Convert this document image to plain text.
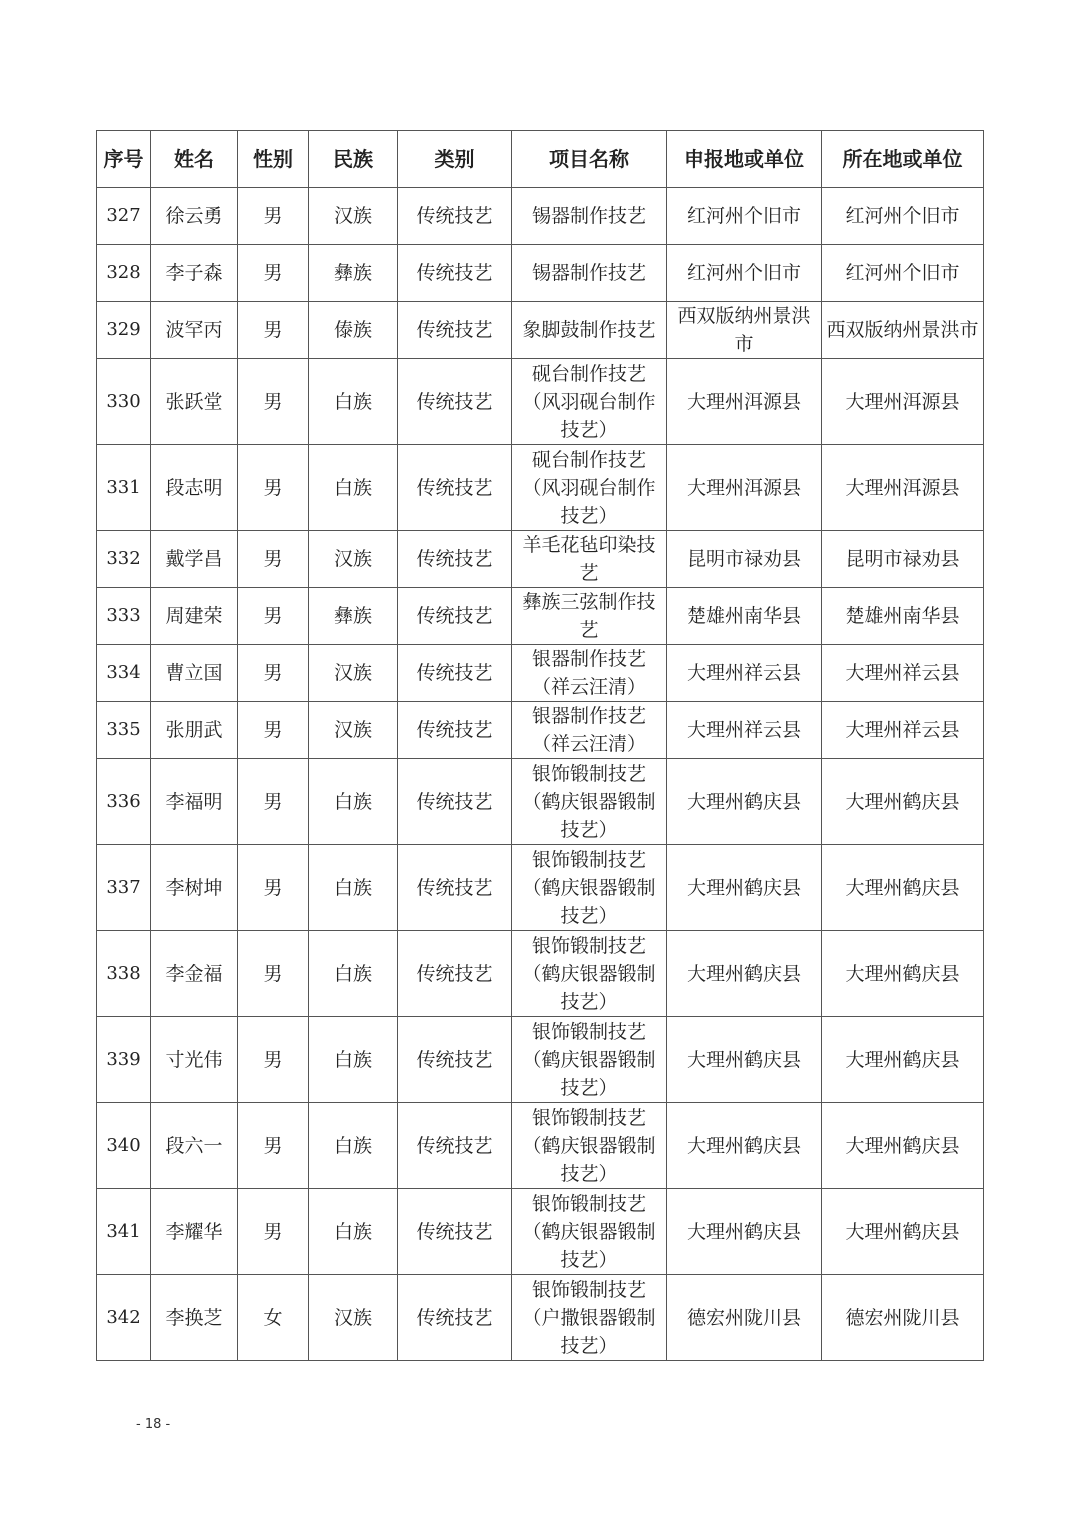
序号	姓名	性别	民族	类别	项目名称	申报地或单位	所在地或单位
327	徐云勇	男	汉族	传统技艺	锡器制作技艺	红河州个旧市	红河州个旧市
328	李子森	男	彝族	传统技艺	锡器制作技艺	红河州个旧市	红河州个旧市
329	波罕丙	男	傣族	传统技艺	象脚鼓制作技艺	西双版纳州景洪市	西双版纳州景洪市
330	张跃堂	男	白族	传统技艺	砚台制作技艺（风羽砚台制作技艺）	大理州洱源县	大理州洱源县
331	段志明	男	白族	传统技艺	砚台制作技艺（风羽砚台制作技艺）	大理州洱源县	大理州洱源县
332	戴学昌	男	汉族	传统技艺	羊毛花毡印染技艺	昆明市禄劝县	昆明市禄劝县
333	周建荣	男	彝族	传统技艺	彝族三弦制作技艺	楚雄州南华县	楚雄州南华县
334	曹立国	男	汉族	传统技艺	银器制作技艺（祥云汪清）	大理州祥云县	大理州祥云县
335	张朋武	男	汉族	传统技艺	银器制作技艺（祥云汪清）	大理州祥云县	大理州祥云县
336	李福明	男	白族	传统技艺	银饰锻制技艺（鹤庆银器锻制技艺）	大理州鹤庆县	大理州鹤庆县
337	李树坤	男	白族	传统技艺	银饰锻制技艺（鹤庆银器锻制技艺）	大理州鹤庆县	大理州鹤庆县
338	李金福	男	白族	传统技艺	银饰锻制技艺（鹤庆银器锻制技艺）	大理州鹤庆县	大理州鹤庆县
339	寸光伟	男	白族	传统技艺	银饰锻制技艺（鹤庆银器锻制技艺）	大理州鹤庆县	大理州鹤庆县
340	段六一	男	白族	传统技艺	银饰锻制技艺（鹤庆银器锻制技艺）	大理州鹤庆县	大理州鹤庆县
341	李耀华	男	白族	传统技艺	银饰锻制技艺（鹤庆银器锻制技艺）	大理州鹤庆县	大理州鹤庆县
342	李换芝	女	汉族	传统技艺	银饰锻制技艺（户撒银器锻制技艺）	德宏州陇川县	德宏州陇川县
- 18 -
